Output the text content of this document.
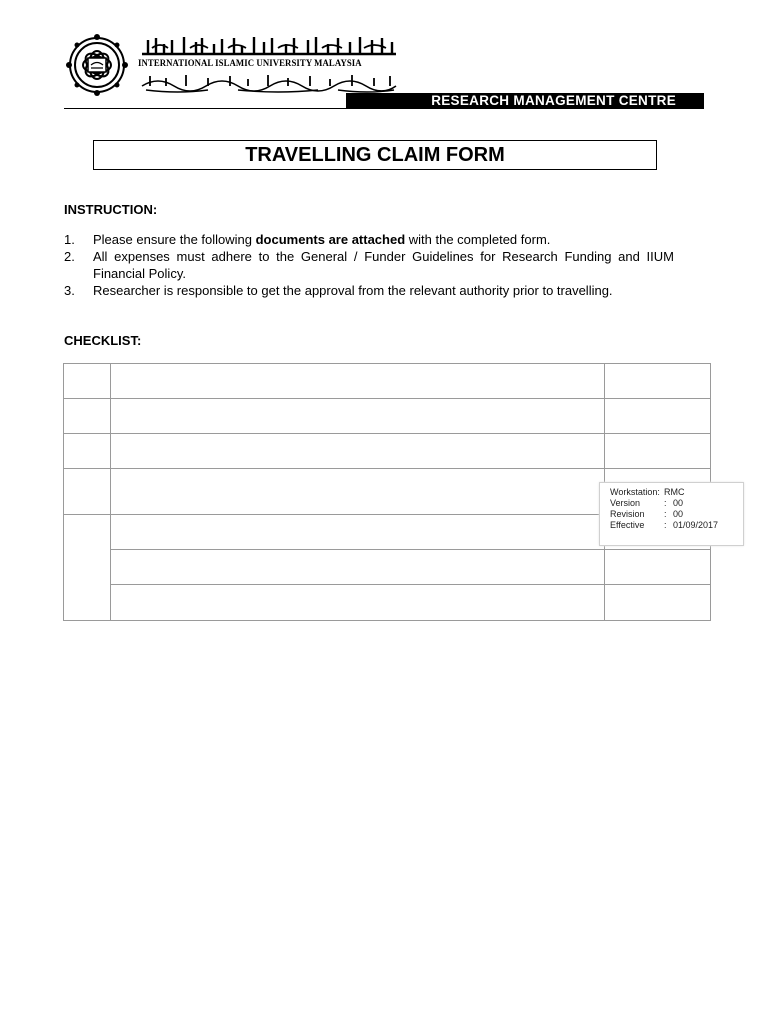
INTERNATIONAL ISLAMIC UNIVERSITY MALAYSIA
RESEARCH MANAGEMENT CENTRE
TRAVELLING CLAIM FORM
INSTRUCTION:
1. Please ensure the following documents are attached with the completed form.
2. All expenses must adhere to the General / Funder Guidelines for Research Funding and IIUM Financial Policy.
3. Researcher is responsible to get the approval from the relevant authority prior to travelling.
CHECKLIST:

Workstation: RMC
Version	: 00
Revision	: 00
Effective	: 01/09/2017
